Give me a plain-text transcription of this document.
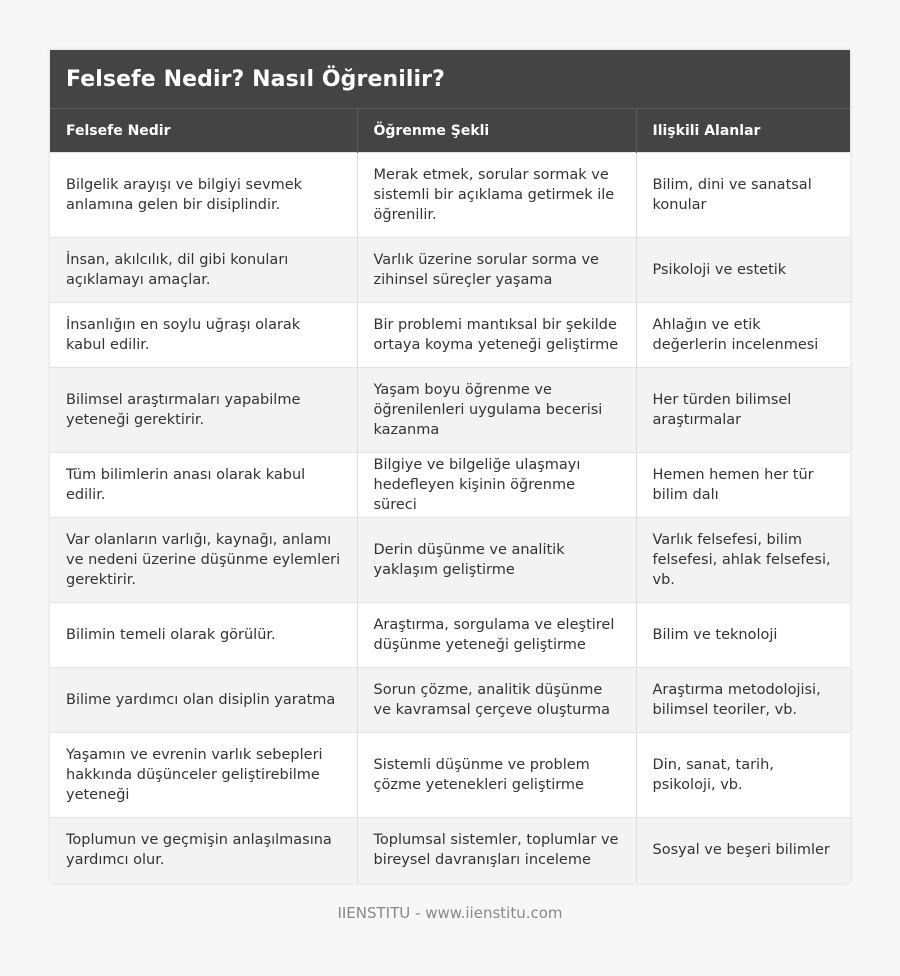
Felsefe Nedir? Nasıl Öğrenilir?
Felsefe Nedir	Öğrenme Şekli	Ilişkili Alanlar
Bilgelik arayışı ve bilgiyi sevmek anlamına gelen bir disiplindir.	Merak etmek, sorular sormak ve sistemli bir açıklama getirmek ile öğrenilir.	Bilim, dini ve sanatsal konular
İnsan, akılcılık, dil gibi konuları açıklamayı amaçlar.	Varlık üzerine sorular sorma ve zihinsel süreçler yaşama	Psikoloji ve estetik
İnsanlığın en soylu uğraşı olarak kabul edilir.	Bir problemi mantıksal bir şekilde ortaya koyma yeteneği geliştirme	Ahlağın ve etik değerlerin incelenmesi
Bilimsel araştırmaları yapabilme yeteneği gerektirir.	Yaşam boyu öğrenme ve öğrenilenleri uygulama becerisi kazanma	Her türden bilimsel araştırmalar
Tüm bilimlerin anası olarak kabul edilir.	Bilgiye ve bilgeliğe ulaşmayı hedefleyen kişinin öğrenme süreci	Hemen hemen her tür bilim dalı
Var olanların varlığı, kaynağı, anlamı ve nedeni üzerine düşünme eylemleri gerektirir.	Derin düşünme ve analitik yaklaşım geliştirme	Varlık felsefesi, bilim felsefesi, ahlak felsefesi, vb.
Bilimin temeli olarak görülür.	Araştırma, sorgulama ve eleştirel düşünme yeteneği geliştirme	Bilim ve teknoloji
Bilime yardımcı olan disiplin yaratma	Sorun çözme, analitik düşünme ve kavramsal çerçeve oluşturma	Araştırma metodolojisi, bilimsel teoriler, vb.
Yaşamın ve evrenin varlık sebepleri hakkında düşünceler geliştirebilme yeteneği	Sistemli düşünme ve problem çözme yetenekleri geliştirme	Din, sanat, tarih, psikoloji, vb.
Toplumun ve geçmişin anlaşılmasına yardımcı olur.	Toplumsal sistemler, toplumlar ve bireysel davranışları inceleme	Sosyal ve beşeri bilimler
IIENSTITU - www.iienstitu.com
